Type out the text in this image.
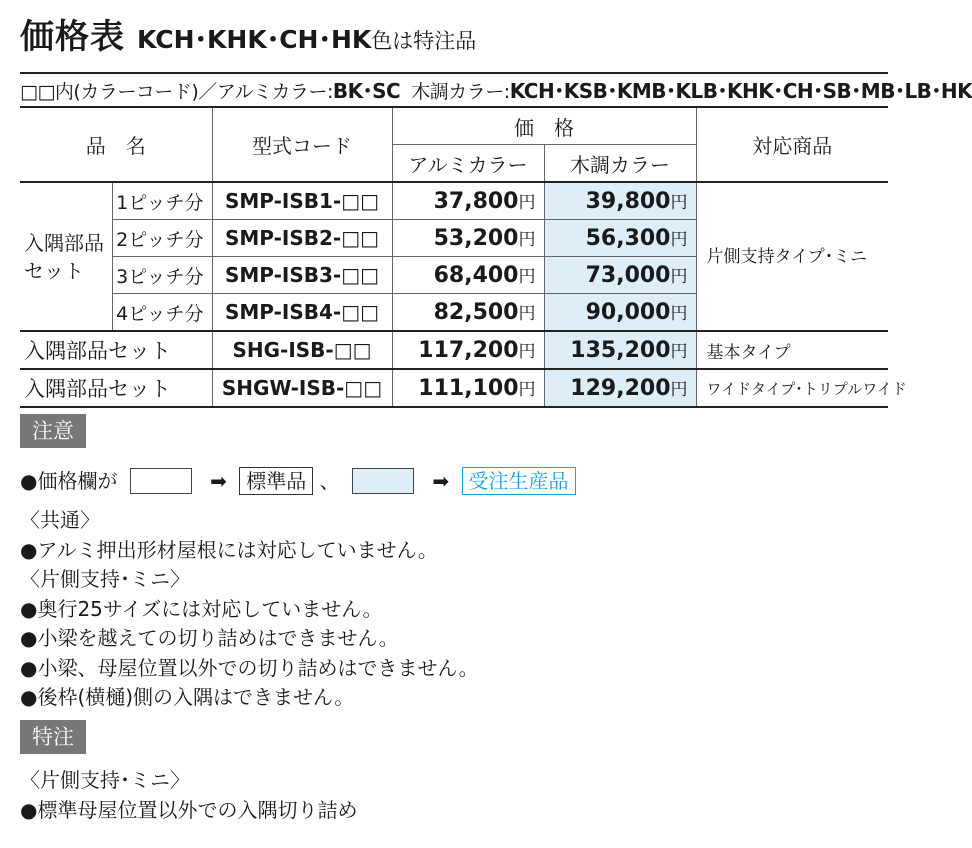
価格表 KCH･KHK･CH･HK色は特注品
□□内(カラーコード)／アルミカラー:BK･SC 木調カラー:KCH･KSB･KMB･KLB･KHK･CH･SB･MB･LB･HK
品　名		型式コード	価　格		対応商品
			アルミカラー	木調カラー	
入隅部品セット	1ピッチ分	SMP-ISB1-□□	37,800円	39,800円	片側支持タイプ･ミニ
	2ピッチ分	SMP-ISB2-□□	53,200円	56,300円	
	3ピッチ分	SMP-ISB3-□□	68,400円	73,000円	
	4ピッチ分	SMP-ISB4-□□	82,500円	90,000円	
入隅部品セット		SHG-ISB-□□	117,200円	135,200円	基本タイプ
入隅部品セット		SHGW-ISB-□□	111,100円	129,200円	ワイドタイプ･トリプルワイド
注意
●価格欄が	➡ 標準品 、	➡ 受注生産品
〈共通〉
●アルミ押出形材屋根には対応していません。
〈片側支持･ミニ〉
●奥行25サイズには対応していません。
●小梁を越えての切り詰めはできません。
●小梁、母屋位置以外での切り詰めはできません。
●後枠(横樋)側の入隅はできません。
特注
〈片側支持･ミニ〉
●標準母屋位置以外での入隅切り詰め
